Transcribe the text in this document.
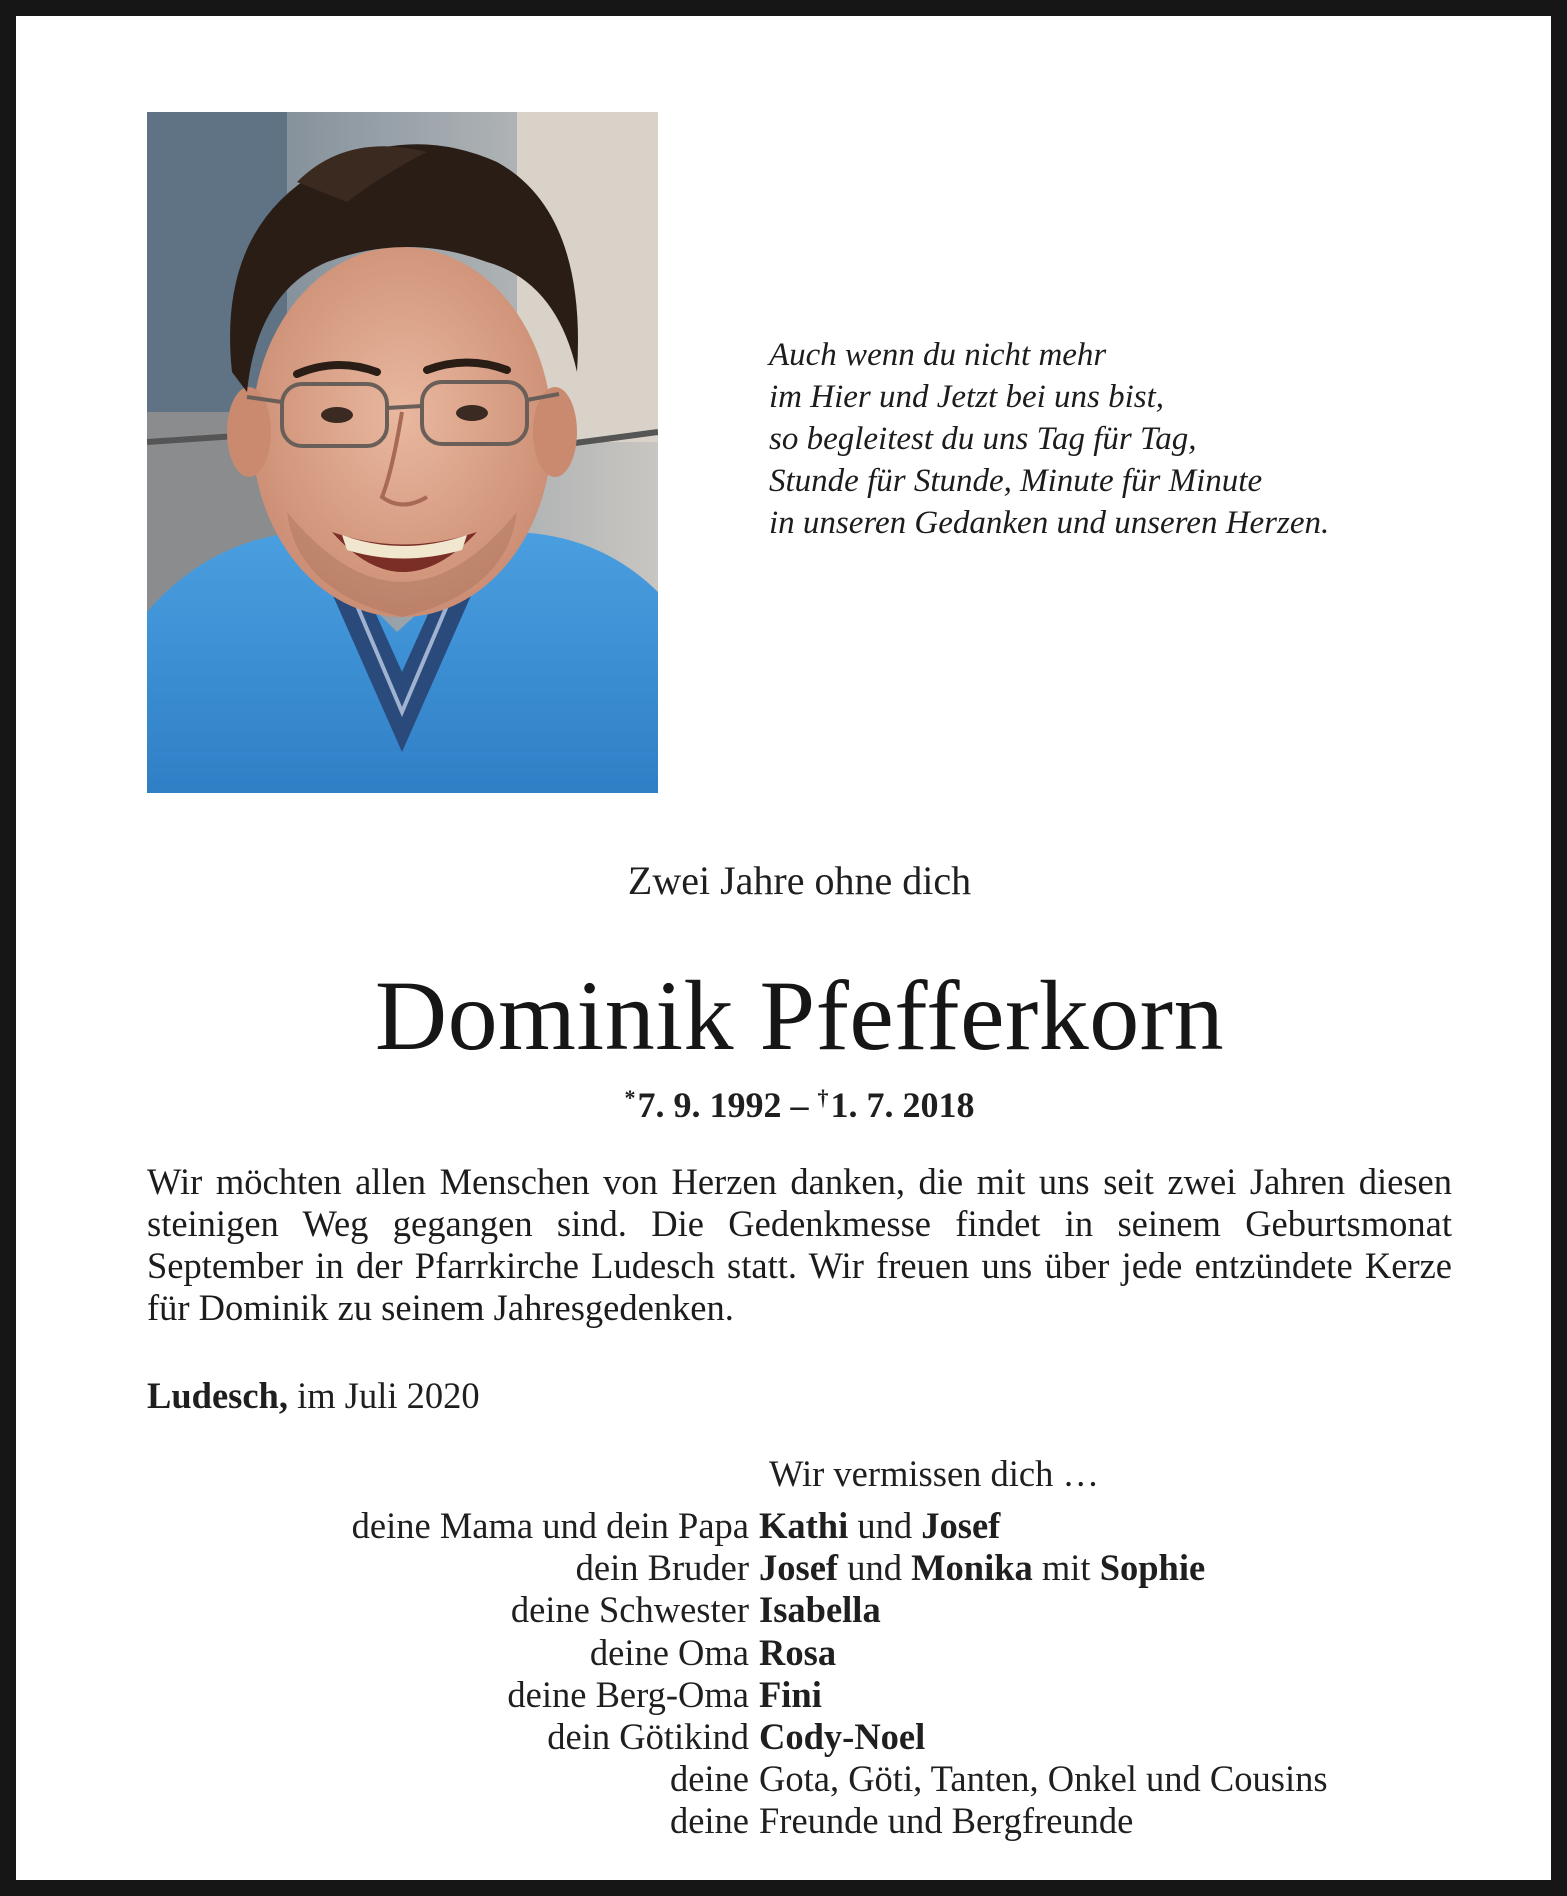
Auch wenn du nicht mehr
im Hier und Jetzt bei uns bist,
so begleitest du uns Tag für Tag,
Stunde für Stunde, Minute für Minute
in unseren Gedanken und unseren Herzen.
Zwei Jahre ohne dich
Dominik Pfefferkorn
*7. 9. 1992 – †1. 7. 2018
Wir möchten allen Menschen von Herzen danken, die mit uns seit zwei Jahren diesen steinigen Weg gegangen sind. Die Gedenkmesse findet in seinem Geburtsmonat September in der Pfarrkirche Ludesch statt. Wir freuen uns über jede entzündete Kerze für Dominik zu seinem Jahresgedenken.
Ludesch, im Juli 2020
Wir vermissen dich …
deine Mama und dein Papa Kathi und Josef
dein Bruder Josef und Monika mit Sophie
deine Schwester Isabella
deine Oma Rosa
deine Berg-Oma Fini
dein Götikind Cody-Noel
deine Gota, Göti, Tanten, Onkel und Cousins
deine Freunde und Bergfreunde
